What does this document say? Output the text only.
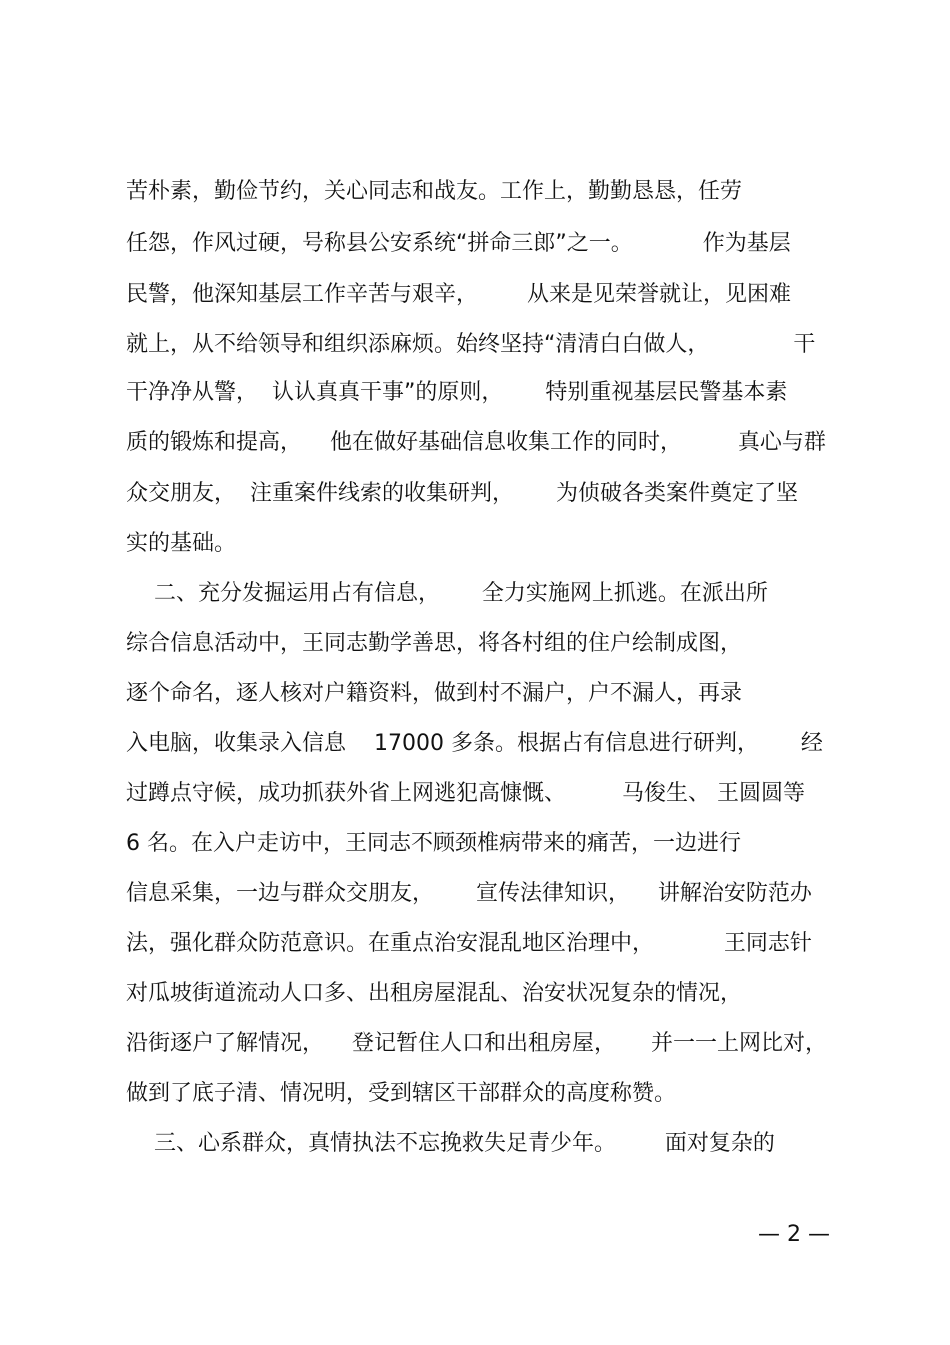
苦朴素，勤俭节约，关心同志和战友。工作上，勤勤恳恳，任劳
任怨，作风过硬，号称县公安系统“拼命三郎”之一。          作为基层
民警，他深知基层工作辛苦与艰辛，       从来是见荣誉就让，见困难
就上，从不给领导和组织添麻烦。始终坚持“清清白白做人，            干
干净净从警，  认认真真干事”的原则，      特别重视基层民警基本素
质的锻炼和提高，    他在做好基础信息收集工作的同时，        真心与群
众交朋友，  注重案件线索的收集研判，      为侦破各类案件奠定了坚
实的基础。
二、充分发掘运用占有信息，      全力实施网上抓逃。在派出所
综合信息活动中，王同志勤学善思，将各村组的住户绘制成图，
逐个命名，逐人核对户籍资料，做到村不漏户，户不漏人，再录
入电脑，收集录入信息    17000 多条。根据占有信息进行研判，      经
过蹲点守候，成功抓获外省上网逃犯高慷慨、        马俊生、 王圆圆等
6 名。在入户走访中，王同志不顾颈椎病带来的痛苦，一边进行
信息采集，一边与群众交朋友，      宣传法律知识，    讲解治安防范办
法，强化群众防范意识。在重点治安混乱地区治理中，          王同志针
对瓜坡街道流动人口多、出租房屋混乱、治安状况复杂的情况，
沿街逐户了解情况，    登记暂住人口和出租房屋，     并一一上网比对，
做到了底子清、情况明，受到辖区干部群众的高度称赞。
三、心系群众，真情执法不忘挽救失足青少年。       面对复杂的
— 2 —
